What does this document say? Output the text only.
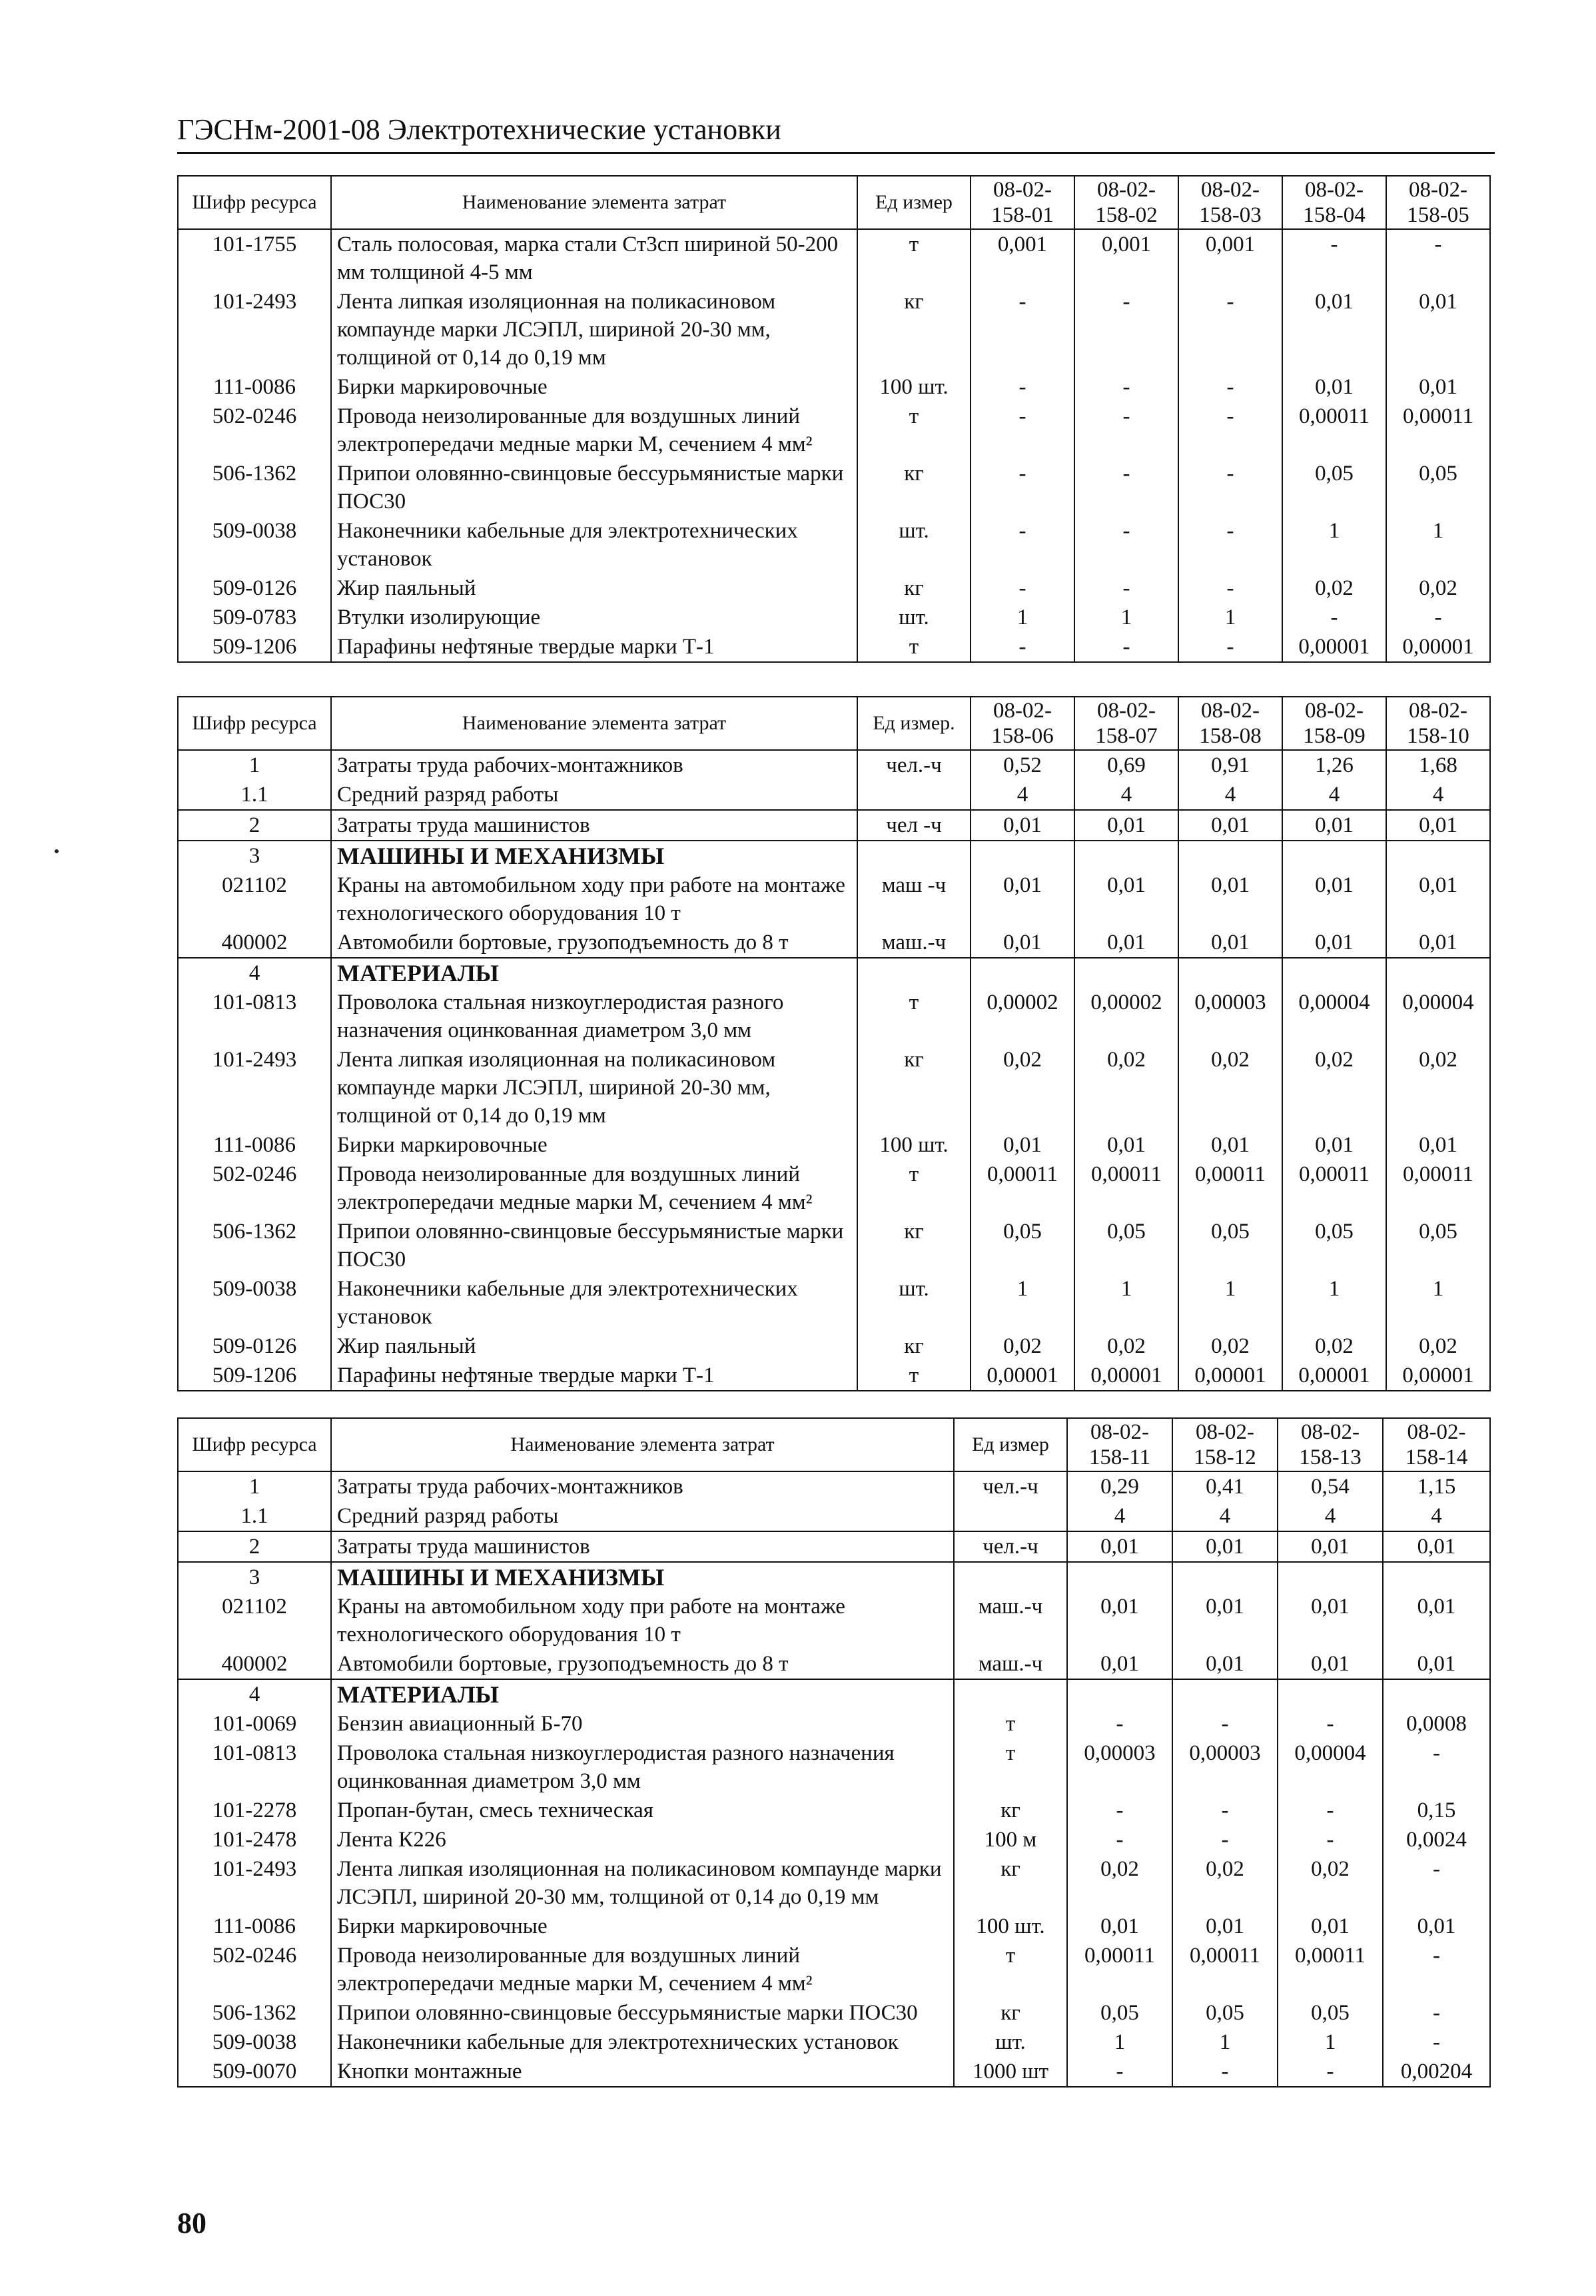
ГЭСНм-2001-08 Электротехнические установки
Шифр ресурса	Наименование элемента затрат	Ед измер	08-02-158-01	08-02-158-02	08-02-158-03	08-02-158-04	08-02-158-05
101-1755	Сталь полосовая, марка стали Ст3сп шириной 50-200 мм толщиной 4-5 мм	т	0,001	0,001	0,001	-	-
101-2493	Лента липкая изоляционная на поликасиновом компаунде марки ЛСЭПЛ, шириной 20-30 мм, толщиной от 0,14 до 0,19 мм	кг	-	-	-	0,01	0,01
111-0086	Бирки маркировочные	100 шт.	-	-	-	0,01	0,01
502-0246	Провода неизолированные для воздушных линий электропередачи медные марки М, сечением 4 мм²	т	-	-	-	0,00011	0,00011
506-1362	Припои оловянно-свинцовые бессурьмянистые марки ПОС30	кг	-	-	-	0,05	0,05
509-0038	Наконечники кабельные для электротехнических установок	шт.	-	-	-	1	1
509-0126	Жир паяльный	кг	-	-	-	0,02	0,02
509-0783	Втулки изолирующие	шт.	1	1	1	-	-
509-1206	Парафины нефтяные твердые марки Т-1	т	-	-	-	0,00001	0,00001
Шифр ресурса	Наименование элемента затрат	Ед измер.	08-02-158-06	08-02-158-07	08-02-158-08	08-02-158-09	08-02-158-10
1	Затраты труда рабочих-монтажников	чел.-ч	0,52	0,69	0,91	1,26	1,68
1.1	Средний разряд работы		4	4	4	4	4
2	Затраты труда машинистов	чел -ч	0,01	0,01	0,01	0,01	0,01
3	МАШИНЫ И МЕХАНИЗМЫ						
021102	Краны на автомобильном ходу при работе на монтаже технологического оборудования 10 т	маш -ч	0,01	0,01	0,01	0,01	0,01
400002	Автомобили бортовые, грузоподъемность до 8 т	маш.-ч	0,01	0,01	0,01	0,01	0,01
4	МАТЕРИАЛЫ						
101-0813	Проволока стальная низкоуглеродистая разного назначения оцинкованная диаметром 3,0 мм	т	0,00002	0,00002	0,00003	0,00004	0,00004
101-2493	Лента липкая изоляционная на поликасиновом компаунде марки ЛСЭПЛ, шириной 20-30 мм, толщиной от 0,14 до 0,19 мм	кг	0,02	0,02	0,02	0,02	0,02
111-0086	Бирки маркировочные	100 шт.	0,01	0,01	0,01	0,01	0,01
502-0246	Провода неизолированные для воздушных линий электропередачи медные марки М, сечением 4 мм²	т	0,00011	0,00011	0,00011	0,00011	0,00011
506-1362	Припои оловянно-свинцовые бессурьмянистые марки ПОС30	кг	0,05	0,05	0,05	0,05	0,05
509-0038	Наконечники кабельные для электротехнических установок	шт.	1	1	1	1	1
509-0126	Жир паяльный	кг	0,02	0,02	0,02	0,02	0,02
509-1206	Парафины нефтяные твердые марки Т-1	т	0,00001	0,00001	0,00001	0,00001	0,00001
Шифр ресурса	Наименование элемента затрат	Ед измер	08-02-158-11	08-02-158-12	08-02-158-13	08-02-158-14
1	Затраты труда рабочих-монтажников	чел.-ч	0,29	0,41	0,54	1,15
1.1	Средний разряд работы		4	4	4	4
2	Затраты труда машинистов	чел.-ч	0,01	0,01	0,01	0,01
3	МАШИНЫ И МЕХАНИЗМЫ					
021102	Краны на автомобильном ходу при работе на монтаже технологического оборудования 10 т	маш.-ч	0,01	0,01	0,01	0,01
400002	Автомобили бортовые, грузоподъемность до 8 т	маш.-ч	0,01	0,01	0,01	0,01
4	МАТЕРИАЛЫ					
101-0069	Бензин авиационный Б-70	т	-	-	-	0,0008
101-0813	Проволока стальная низкоуглеродистая разного назначения оцинкованная диаметром 3,0 мм	т	0,00003	0,00003	0,00004	-
101-2278	Пропан-бутан, смесь техническая	кг	-	-	-	0,15
101-2478	Лента К226	100 м	-	-	-	0,0024
101-2493	Лента липкая изоляционная на поликасиновом компаунде марки ЛСЭПЛ, шириной 20-30 мм, толщиной от 0,14 до 0,19 мм	кг	0,02	0,02	0,02	-
111-0086	Бирки маркировочные	100 шт.	0,01	0,01	0,01	0,01
502-0246	Провода неизолированные для воздушных линий электропередачи медные марки М, сечением 4 мм²	т	0,00011	0,00011	0,00011	-
506-1362	Припои оловянно-свинцовые бессурьмянистые марки ПОС30	кг	0,05	0,05	0,05	-
509-0038	Наконечники кабельные для электротехнических установок	шт.	1	1	1	-
509-0070	Кнопки монтажные	1000 шт	-	-	-	0,00204
80
